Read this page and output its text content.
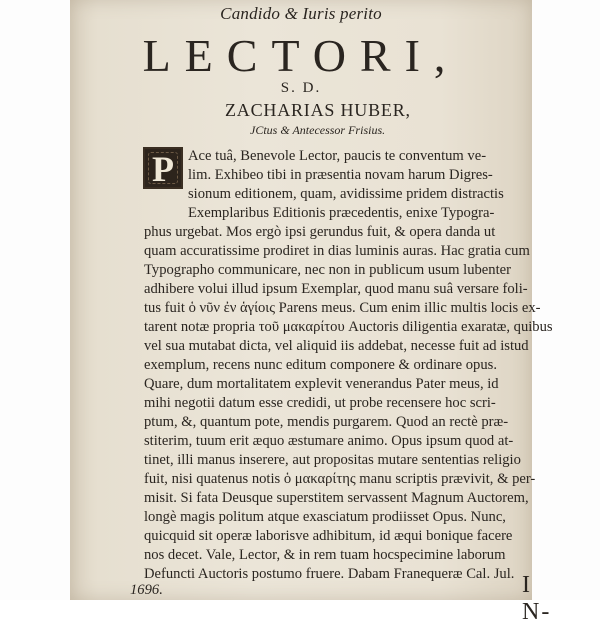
Candido & Iuris perito
LECTORI,
S. D.
ZACHARIAS HUBER,
JCtus & Antecessor Frisius.
P Ace tuâ, Benevole Lector, paucis te conventum ve-
lim. Exhibeo tibi in præsentia novam harum Digres-
sionum editionem, quam, avidissime pridem distractis
Exemplaribus Editionis præcedentis, enixe Typogra-
phus urgebat. Mos ergò ipsi gerundus fuit, & opera danda ut
quam accuratissime prodiret in dias luminis auras. Hac gratia cum
Typographo communicare, nec non in publicum usum lubenter
adhibere volui illud ipsum Exemplar, quod manu suâ versare foli-
tus fuit ὁ νῦν ἐν ἁγίοις Parens meus. Cum enim illic multis locis ex-
tarent notæ propria τοῦ μακαρίτου Auctoris diligentia exaratæ, quibus
vel sua mutabat dicta, vel aliquid iis addebat, necesse fuit ad istud
exemplum, recens nunc editum componere & ordinare opus.
Quare, dum mortalitatem explevit venerandus Pater meus, id
mihi negotii datum esse credidi, ut probe recensere hoc scri-
ptum, &, quantum pote, mendis purgarem. Quod an rectè præ-
stiterim, tuum erit æquo æstumare animo. Opus ipsum quod at-
tinet, illi manus inserere, aut propositas mutare sententias religio
fuit, nisi quatenus notis ὁ μακαρίτης manu scriptis prævivit, & per-
misit. Si fata Deusque superstitem servassent Magnum Auctorem,
longè magis politum atque exasciatum prodiisset Opus. Nunc,
quicquid sit operæ laborisve adhibitum, id æqui bonique facere
nos decet. Vale, Lector, & in rem tuam hocspecimine laborum
Defuncti Auctoris postumo fruere. Dabam Franequeræ Cal. Jul.
1696.	I N-
